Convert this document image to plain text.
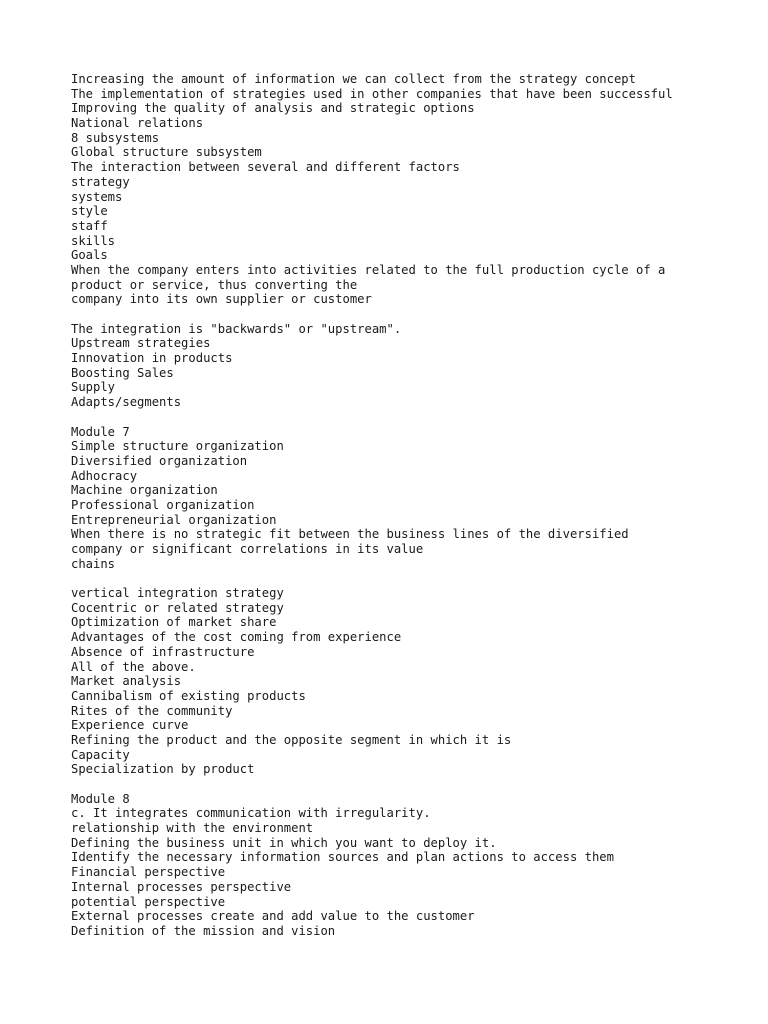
Increasing the amount of information we can collect from the strategy concept
The implementation of strategies used in other companies that have been successful
Improving the quality of analysis and strategic options
National relations
8 subsystems
Global structure subsystem
The interaction between several and different factors
strategy
systems
style
staff
skills
Goals
When the company enters into activities related to the full production cycle of a
product or service, thus converting the
company into its own supplier or customer
The integration is "backwards" or "upstream".
Upstream strategies
Innovation in products
Boosting Sales
Supply
Adapts/segments
Module 7
Simple structure organization
Diversified organization
Adhocracy
Machine organization
Professional organization
Entrepreneurial organization
When there is no strategic fit between the business lines of the diversified
company or significant correlations in its value
chains
vertical integration strategy
Cocentric or related strategy
Optimization of market share
Advantages of the cost coming from experience
Absence of infrastructure
All of the above.
Market analysis
Cannibalism of existing products
Rites of the community
Experience curve
Refining the product and the opposite segment in which it is
Capacity
Specialization by product
Module 8
c. It integrates communication with irregularity.
relationship with the environment
Defining the business unit in which you want to deploy it.
Identify the necessary information sources and plan actions to access them
Financial perspective
Internal processes perspective
potential perspective
External processes create and add value to the customer
Definition of the mission and vision
